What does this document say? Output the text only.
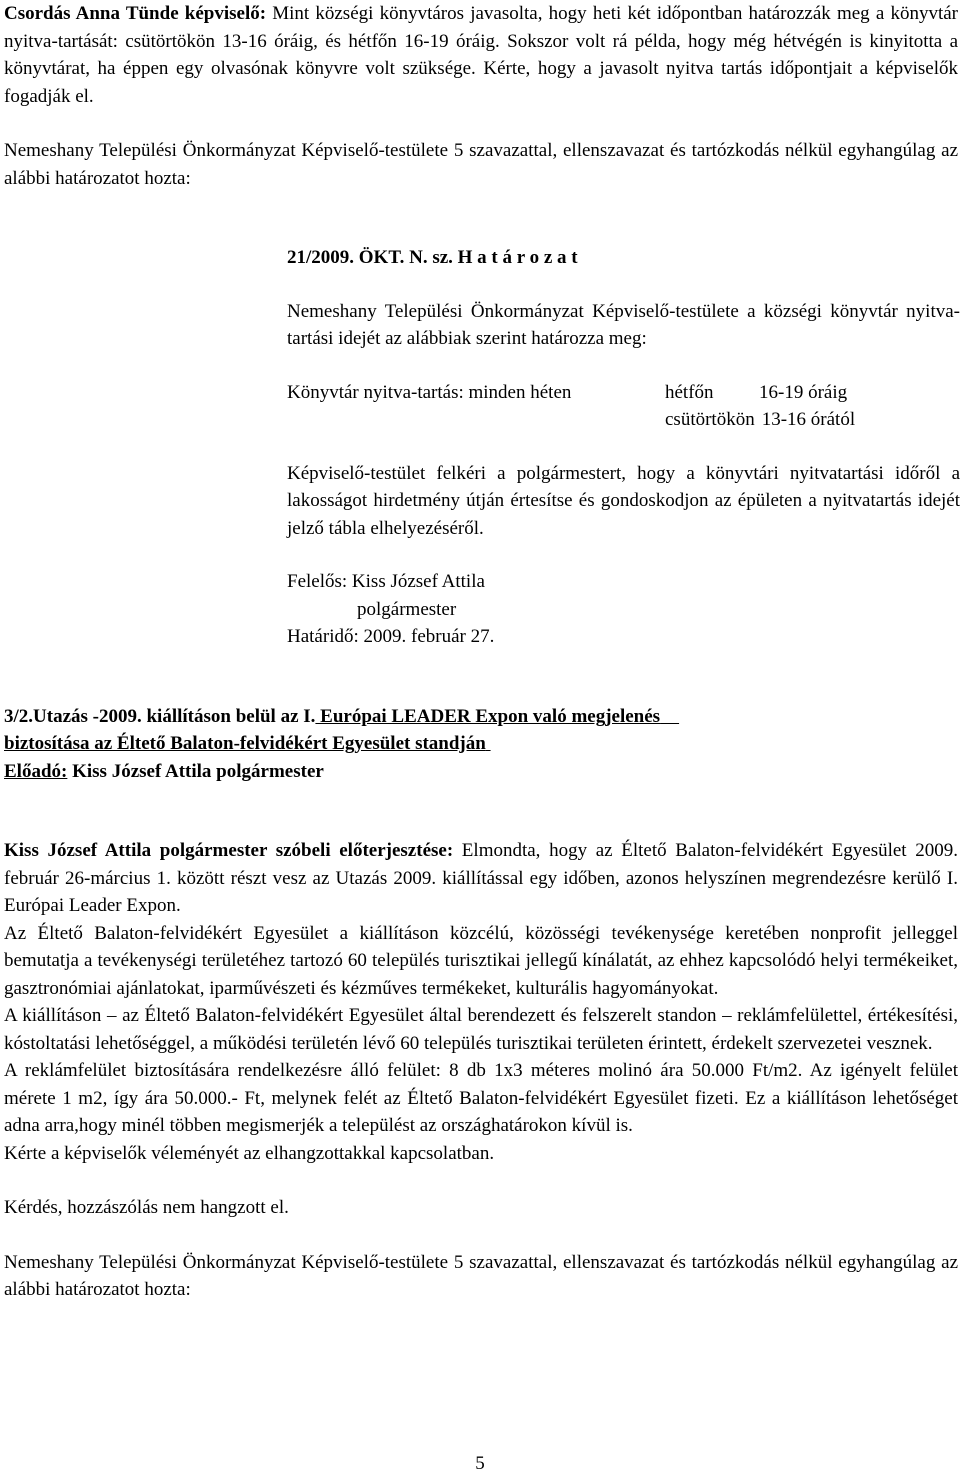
Csordás Anna Tünde képviselő: Mint községi könyvtáros javasolta, hogy heti két időpontban határozzák meg a könyvtár nyitva-tartását: csütörtökön 13-16 óráig, és hétfőn 16-19 óráig. Sokszor volt rá példa, hogy még hétvégén is kinyitotta a könyvtárat, ha éppen egy olvasónak könyvre volt szüksége. Kérte, hogy a javasolt nyitva tartás időpontjait a képviselők fogadják el.

Nemeshany Települési Önkormányzat Képviselő-testülete 5 szavazattal, ellenszavazat és tartózkodás nélkül egyhangúlag az alábbi határozatot hozta:

21/2009. ÖKT. N. sz. H a t á r o z a t

Nemeshany Települési Önkormányzat Képviselő-testülete a községi könyvtár nyitva-tartási idejét az alábbiak szerint határozza meg:

Könyvtár nyitva-tartás: minden héten	hétfőn	16-19 óráig
csütörtökön 13-16 órától

Képviselő-testület felkéri a polgármestert, hogy a könyvtári nyitvatartási időről a lakosságot hirdetmény útján értesítse és gondoskodjon az épületen a nyitvatartás idejét jelző tábla elhelyezéséről.

Felelős: Kiss József Attila

polgármester

Határidő: 2009. február 27.

3/2.Utazás -2009. kiállításon belül az I. Európai LEADER Expon való megjelenés

biztosítása az Éltető Balaton-felvidékért Egyesület standján

Előadó: Kiss József Attila polgármester

Kiss József Attila polgármester szóbeli előterjesztése: Elmondta, hogy az Éltető Balaton-felvidékért Egyesület 2009. február 26-március 1. között részt vesz az Utazás 2009. kiállítással egy időben, azonos helyszínen megrendezésre kerülő I. Európai Leader Expon.

Az Éltető Balaton-felvidékért Egyesület a kiállításon közcélú, közösségi tevékenysége keretében nonprofit jelleggel bemutatja a tevékenységi területéhez tartozó 60 település turisztikai jellegű kínálatát, az ehhez kapcsolódó helyi termékeiket, gasztronómiai ajánlatokat, iparművészeti és kézműves termékeket, kulturális hagyományokat.

A kiállításon – az Éltető Balaton-felvidékért Egyesület által berendezett és felszerelt standon – reklámfelülettel, értékesítési, kóstoltatási lehetőséggel, a működési területén lévő 60 település turisztikai területen érintett, érdekelt szervezetei vesznek.

A reklámfelület biztosítására rendelkezésre álló felület: 8 db 1x3 méteres molinó ára 50.000 Ft/m2. Az igényelt felület mérete 1 m2, így ára 50.000.- Ft, melynek felét az Éltető Balaton-felvidékért Egyesület fizeti. Ez a kiállításon lehetőséget adna arra,hogy minél többen megismerjék a települést az országhatárokon kívül is.

Kérte a képviselők véleményét az elhangzottakkal kapcsolatban.

Kérdés, hozzászólás nem hangzott el.

Nemeshany Települési Önkormányzat Képviselő-testülete 5 szavazattal, ellenszavazat és tartózkodás nélkül egyhangúlag az alábbi határozatot hozta:

5
